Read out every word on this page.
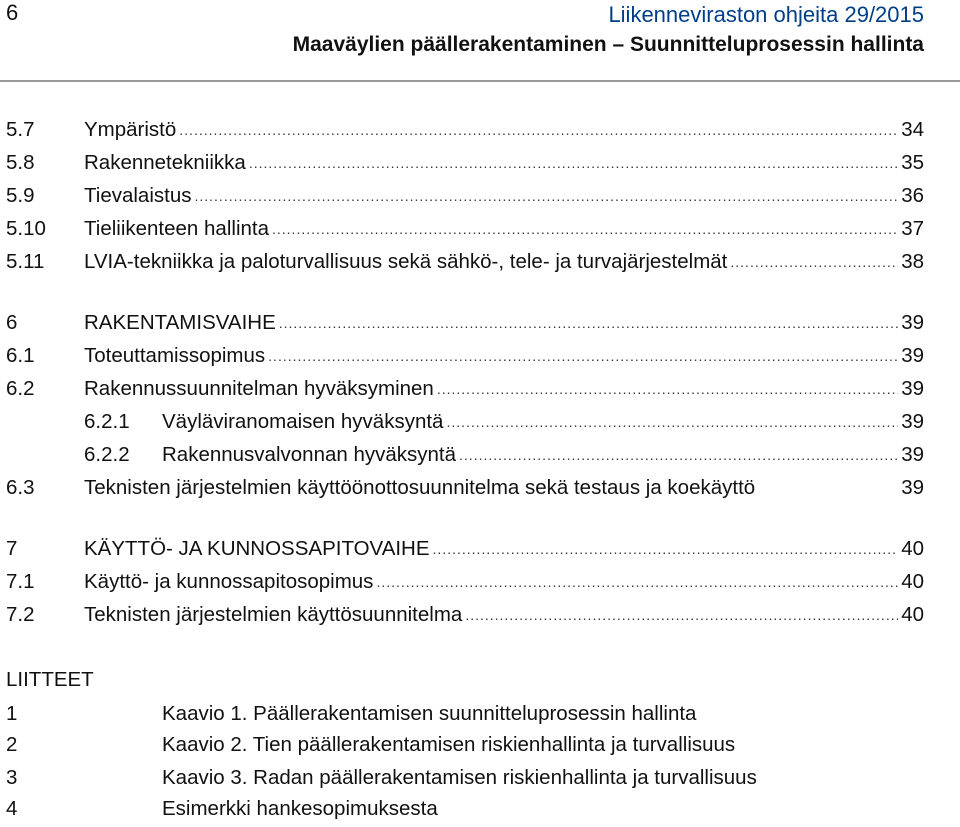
6	Liikenneviraston ohjeita 29/2015
Maaväylien päällerakentaminen – Suunnitteluprosessin hallinta
5.7 Ympäristö .....	34
5.8 Rakennetekniikka .....	35
5.9 Tievalaistus .....	36
5.10 Tieliikenteen hallinta .....	37
5.11 LVIA-tekniikka ja paloturvallisuus sekä sähkö-, tele- ja turvajärjestelmät .....	38
6	RAKENTAMISVAIHE .....	39
6.1 Toteuttamissopimus .....	39
6.2 Rakennussuunnitelman hyväksyminen .....	39
6.2.1 Väyläviranomaisen hyväksyntä .....	39
6.2.2 Rakennusvalvonnan hyväksyntä .....	39
6.3 Teknisten järjestelmien käyttöönottosuunnitelma sekä testaus ja koekäyttö	39
7	KÄYTTÖ- JA KUNNOSSAPITOVAIHE .....	40
7.1 Käyttö- ja kunnossapitosopimus .....	40
7.2 Teknisten järjestelmien käyttösuunnitelma .....	40
LIITTEET
1	Kaavio 1. Päällerakentamisen suunnitteluprosessin hallinta
2	Kaavio 2. Tien päällerakentamisen riskienhallinta ja turvallisuus
3	Kaavio 3. Radan päällerakentamisen riskienhallinta ja turvallisuus
4	Esimerkki hankesopimuksesta
